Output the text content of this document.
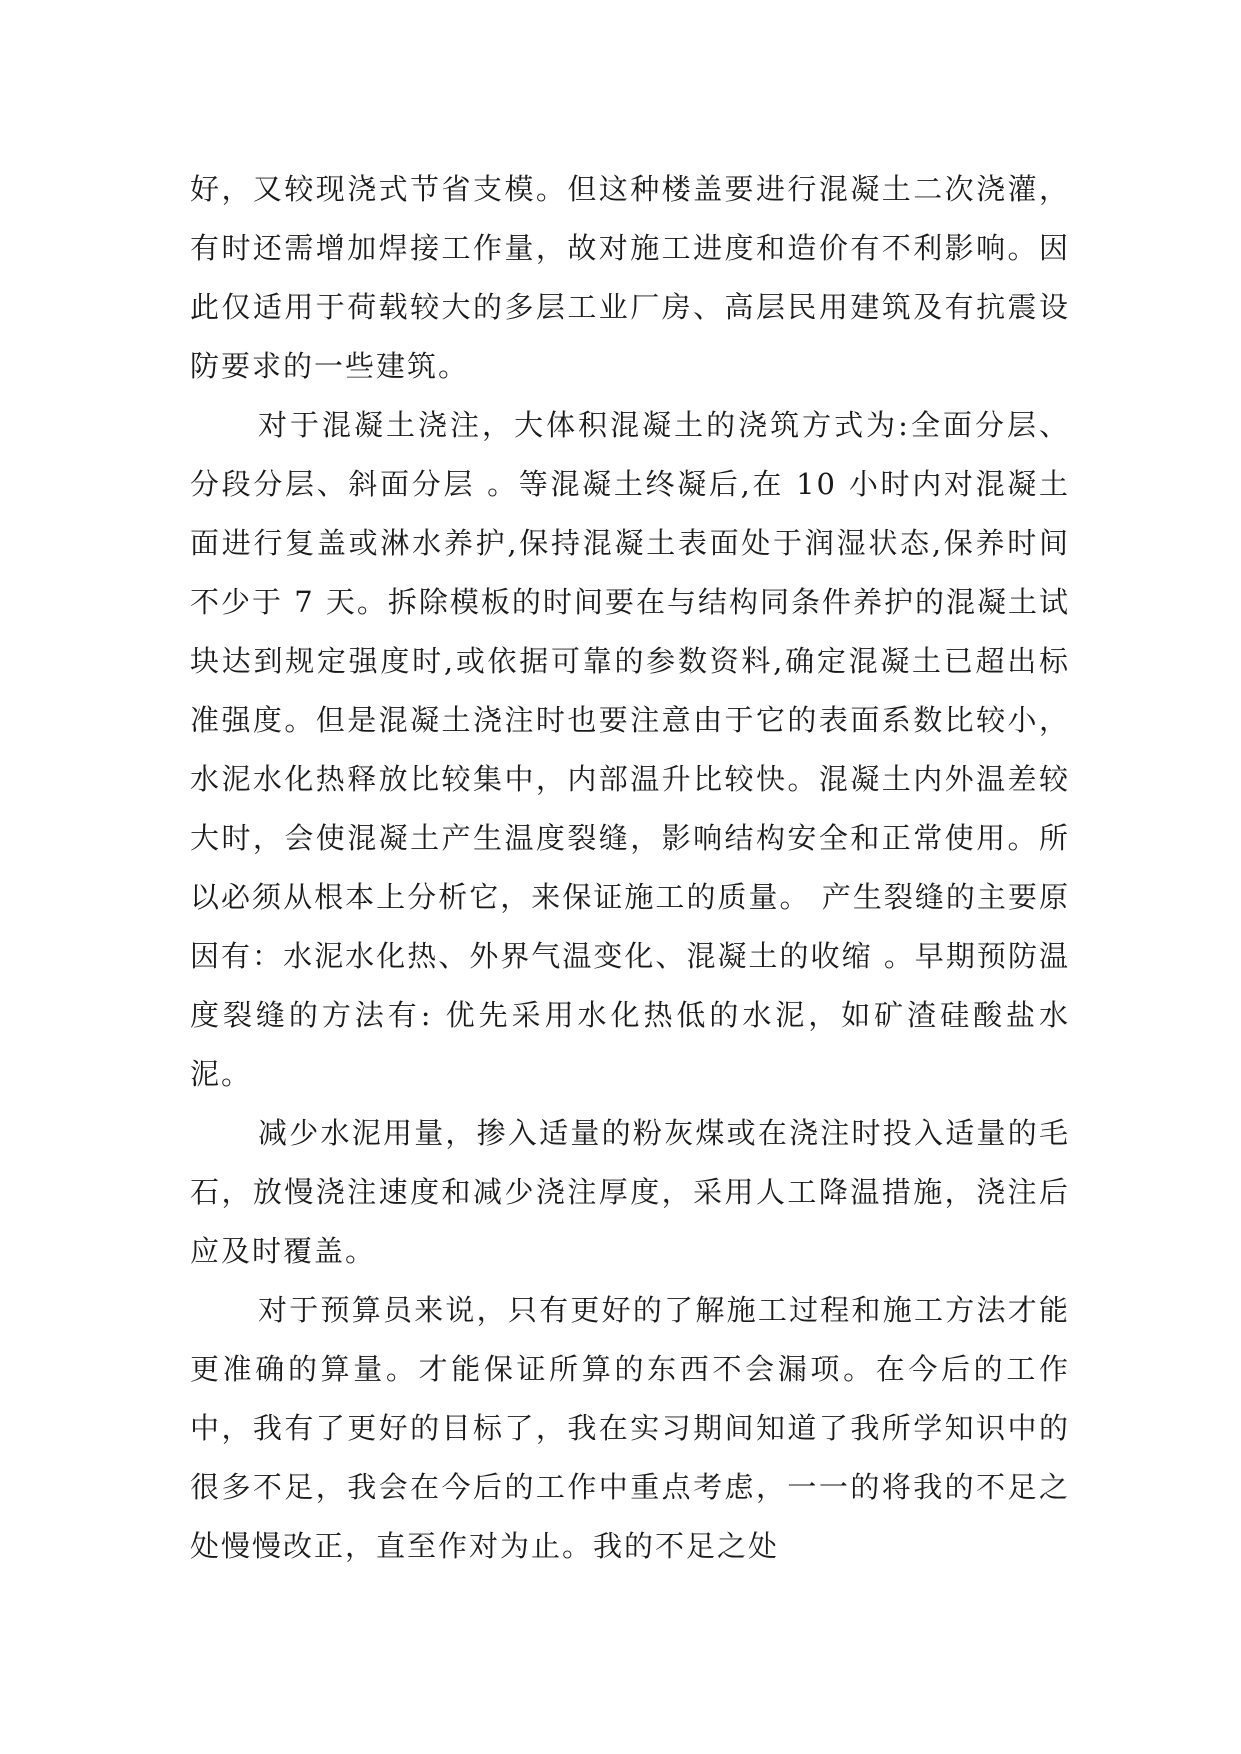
好，又较现浇式节省支模。但这种楼盖要进行混凝土二次浇灌，有时还需增加焊接工作量，故对施工进度和造价有不利影响。因此仅适用于荷载较大的多层工业厂房、高层民用建筑及有抗震设防要求的一些建筑。

对于混凝土浇注，大体积混凝土的浇筑方式为:全面分层、分段分层、斜面分层 。等混凝土终凝后,在 10 小时内对混凝土面进行复盖或淋水养护,保持混凝土表面处于润湿状态,保养时间不少于 7 天。拆除模板的时间要在与结构同条件养护的混凝土试块达到规定强度时,或依据可靠的参数资料,确定混凝土已超出标准强度。但是混凝土浇注时也要注意由于它的表面系数比较小，水泥水化热释放比较集中，内部温升比较快。混凝土内外温差较大时，会使混凝土产生温度裂缝，影响结构安全和正常使用。所以必须从根本上分析它，来保证施工的质量。 产生裂缝的主要原因有：水泥水化热、外界气温变化、混凝土的收缩 。早期预防温度裂缝的方法有: 优先采用水化热低的水泥，如矿渣硅酸盐水泥。

减少水泥用量，掺入适量的粉灰煤或在浇注时投入适量的毛石，放慢浇注速度和减少浇注厚度，采用人工降温措施，浇注后应及时覆盖。

对于预算员来说，只有更好的了解施工过程和施工方法才能更准确的算量。才能保证所算的东西不会漏项。在今后的工作中，我有了更好的目标了，我在实习期间知道了我所学知识中的很多不足，我会在今后的工作中重点考虑，一一的将我的不足之处慢慢改正，直至作对为止。我的不足之处
